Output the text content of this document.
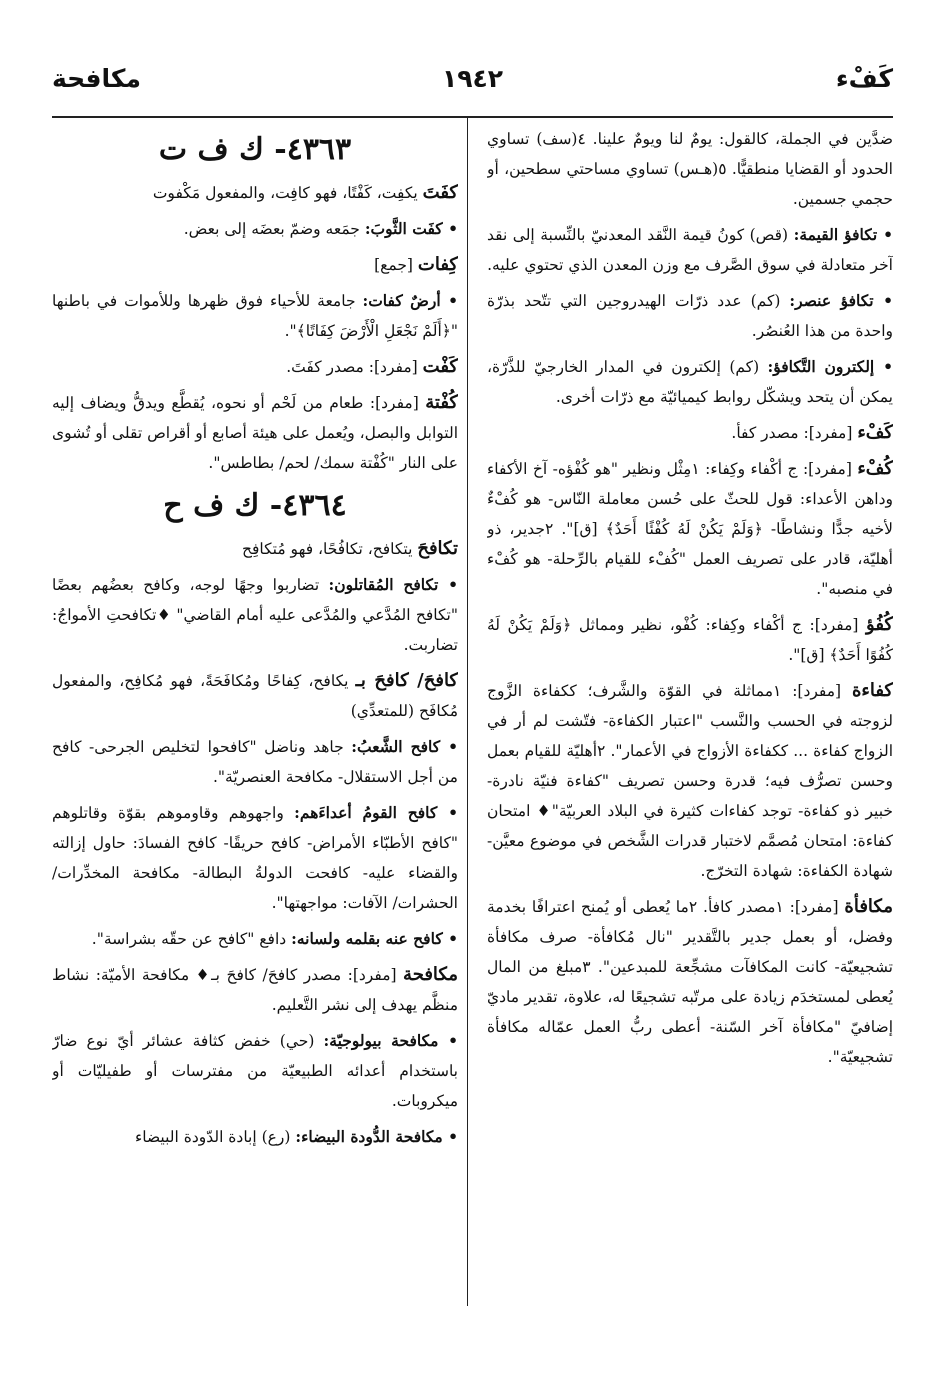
كَفْء
١٩٤٢
مكافحة

ضدَّين في الجملة، كالقول: يومٌ لنا ويومٌ علينا. ٤(سف) تساوي الحدود أو القضايا منطقيًّا. ٥(هـس) تساوي مساحتي سطحين، أو حجمي جسمين.

• تكافؤ القيمة: (قص) كونُ قيمة النَّقد المعدنيّ بالنِّسبة إلى نقد آخر متعادلة في سوق الصَّرف مع وزن المعدن الذي تحتوي عليه.

• تكافؤ عنصر: (كم) عدد ذرّات الهيدروجين التي تتّحد بذرّة واحدة من هذا العُنصُر.

• إلكترون التَّكافؤ: (كم) إلكترون في المدار الخارجيّ للذَّرّة، يمكن أن يتحد ويشكّل روابط كيميائيّة مع ذرّات أخرى.

كَفْء [مفرد]: مصدر كفأ.

كُفْء [مفرد]: ج أكْفاء وكِفاء: ١مِثْل ونظير "هو كُفْؤه- آخ الأكفاء وداهن الأعداء: قول للحثّ على حُسن معاملة النّاس- هو كُفْءٌ لأخيه جدًّا ونشاطًا- ﴿وَلَمْ يَكُنْ لَهُ كُفْئًا أَحَدٌ﴾ [ق]". ٢جدير، ذو أهليّة، قادر على تصريف العمل "كُفْء للقيام بالرِّحلة- هو كُفْء في منصبه".

كُفُؤ [مفرد]: ج أكْفاء وكِفاء: كُفْو، نظير ومماثل ﴿وَلَمْ يَكُنْ لَهُ كُفُوًا أَحَدٌ﴾ [ق]".

كفاءة [مفرد]: ١مماثلة في القوّة والشَّرف؛ ككفاءة الزَّوج لزوجته في الحسب والنَّسب "اعتبار الكفاءة- فتّشت لم أر في الزواج كفاءة ... ككفاءة الأزواج في الأعمار". ٢أهليّة للقيام بعمل وحسن تصرُّف فيه؛ قدرة وحسن تصريف "كفاءة فنيّة نادرة- خبير ذو كفاءة- توجد كفاءات كثيرة في البلاد العربيّة"♦ امتحان كفاءة: امتحان مُصمَّم لاختبار قدرات الشَّخص في موضوع معيَّن- شهادة الكفاءة: شهادة التخرّج.

مكافأة [مفرد]: ١مصدر كافأ. ٢ما يُعطى أو يُمنح اعترافًا بخدمة وفضل، أو بعمل جدير بالتَّقدير "نال مُكافأة- صرف مكافأة تشجيعيّة- كانت المكافآت مشجِّعة للمبدعين". ٣مبلغ من المال يُعطى لمستخدَم زيادة على مرتّبه تشجيعًا له، علاوة، تقدير ماديّ إضافيّ "مكافأة آخر السّنة- أعطى ربُّ العمل عمّاله مكافأة تشجيعيّة".

٤٣٦٣- ك ف ت

كفَتَ يكفِت، كَفْتًا، فهو كافِت، والمفعول مَكْفوت

• كفَت الثَّوبَ: جمَعه وضمّ بعضَه إلى بعض.

كِفات [جمع]

• أرضٌ كفات: جامعة للأحياء فوق ظهرها وللأموات في باطنها "﴿أَلَمْ نَجْعَلِ الْأَرْضَ كِفَاتًا﴾".

كَفْت [مفرد]: مصدر كفَتَ.

كُفْتة [مفرد]: طعام من لَحْم أو نحوه، يُقطَّع ويدقُّ ويضاف إليه التوابل والبصل، ويُعمل على هيئة أصابع أو أقراص تقلى أو تُشوى على النار "كُفْتة سمك/ لحم/ بطاطس".

٤٣٦٤- ك ف ح

تكافحَ يتكافح، تكافُحًا، فهو مُتكافِح

• تكافح المُقاتلون: تضاربوا وجهًا لوجه، وكافح بعضُهم بعضًا "تكافح المُدَّعي والمُدَّعى عليه أمام القاضي" ♦تكافحتِ الأمواجُ: تضاربت.

كافحَ/ كافحَ بـ يكافح، كِفاحًا ومُكافَحَةً، فهو مُكافِح، والمفعول مُكافَح (للمتعدِّي)

• كافح الشَّعبُ: جاهد وناضل "كافحوا لتخليص الجرحى- كافح من أجل الاستقلال- مكافحة العنصريّة".

• كافح القومُ أعداءَهم: واجهوهم وقاوموهم بقوّة وقاتلوهم "كافح الأطبّاء الأمراض- كافح حريقًا- كافح الفسادَ: حاول إزالته والقضاء عليه- كافحت الدولةُ البطالة- مكافحة المخدِّرات/ الحشرات/ الآفات: مواجهتها".

• كافح عنه بقلمه ولسانه: دافع "كافح عن حقّه بشراسة".

مكافحة [مفرد]: مصدر كافحَ/ كافحَ بـ♦ مكافحة الأميّة: نشاط منظَّم يهدف إلى نشر التَّعليم.

• مكافحة بيولوجيّة: (حي) خفض كثافة عشائر أيّ نوع ضارّ باستخدام أعدائه الطبيعيّة من مفترسات أو طفيليّات أو ميكروبات.

• مكافحة الدُّودة البيضاء: (رع) إبادة الدّودة البيضاء
